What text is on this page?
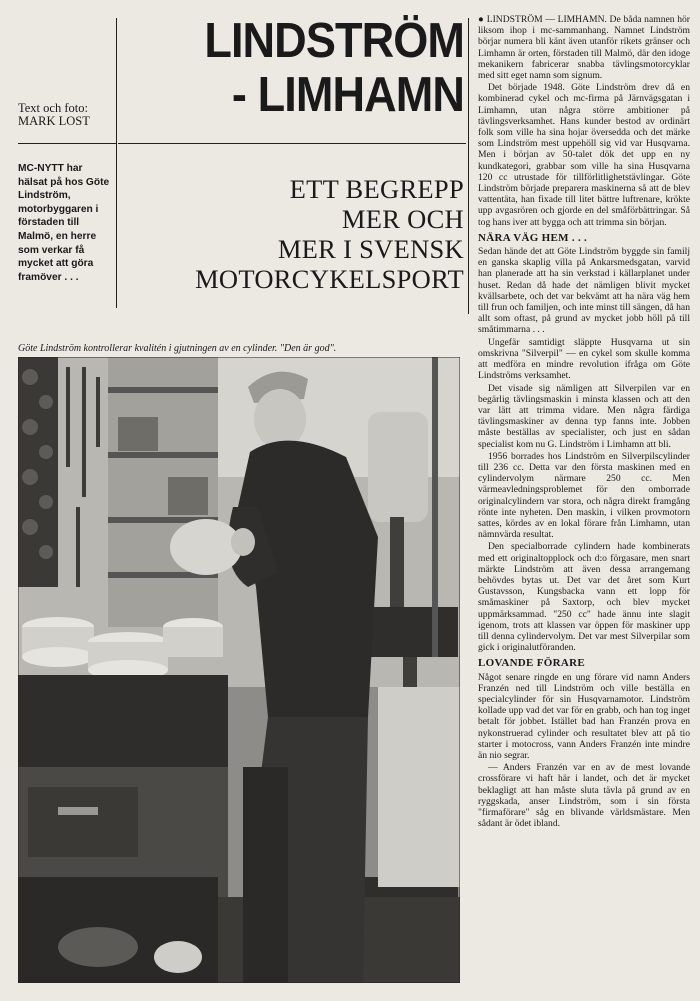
LINDSTRÖM
- LIMHAMN
Text och foto:
MARK LOST
MC-NYTT har hälsat på hos Göte Lindström, motorbyggaren i förstaden till Malmö, en herre som verkar få mycket att göra framöver . . .
ETT BEGREPP
MER OCH
MER I SVENSK
MOTORCYKELSPORT
Göte Lindström kontrollerar kvalitén i gjutningen av en cylinder. "Den är god".

● LINDSTRÖM — LIMHAMN. De båda namnen hör liksom ihop i mc-sammanhang. Namnet Lindström börjar numera bli känt även utanför rikets gränser och Limhamn är orten, förstaden till Malmö, där den idoge mekanikern fabricerar snabba tävlingsmotorcyklar med sitt eget namn som signum.

Det började 1948. Göte Lindström drev då en kombinerad cykel och mc-firma på Järnvägsgatan i Limhamn, utan några större ambitioner på tävlingsverksamhet. Hans kunder bestod av ordinärt folk som ville ha sina hojar översedda och det märke som Lindström mest uppehöll sig vid var Husqvarna. Men i början av 50-talet dök det upp en ny kundkategori, grabbar som ville ha sina Husqvarna 120 cc utrustade för tillförlitlighetstävlingar. Göte Lindström började preparera maskinerna så att de blev vattentäta, han fixade till litet bättre luftrenare, krökte upp avgasrören och gjorde en del småförbättringar. Så tog hans iver att bygga och att trimma sin början.

NÄRA VÄG HEM . . .

Sedan hände det att Göte Lindström byggde sin familj en ganska skaplig villa på Ankarsmedsgatan, varvid han planerade att ha sin verkstad i källarplanet under huset. Redan då hade det nämligen blivit mycket kvällsarbete, och det var bekvämt att ha nära väg hem till frun och familjen, och inte minst till sängen, då han allt som oftast, på grund av mycket jobb höll på till småtimmarna . . .

Ungefär samtidigt släppte Husqvarna ut sin omskrivna "Silverpil" — en cykel som skulle komma att medföra en mindre revolution ifråga om Göte Lindströms verksamhet.

Det visade sig nämligen att Silverpilen var en begärlig tävlingsmaskin i minsta klassen och att den var lätt att trimma vidare. Men några färdiga tävlingsmaskiner av denna typ fanns inte. Jobben måste beställas av specialister, och just en sådan specialist kom nu G. Lindström i Limhamn att bli.

1956 borrades hos Lindström en Silverpilscylinder till 236 cc. Detta var den första maskinen med en cylindervolym närmare 250 cc. Men värmeavledningsproblemet för den omborrade originalcylindern var stora, och några direkt framgång rönte inte nyheten. Den maskin, i vilken provmotorn sattes, kördes av en lokal förare från Limhamn, utan nämnvärda resultat.

Den specialborrade cylindern hade kombinerats med ett originaltopplock och d:o förgasare, men snart märkte Lindström att även dessa arrangemang behövdes bytas ut. Det var det året som Kurt Gustavsson, Kungsbacka vann ett lopp för småmaskiner på Saxtorp, och blev mycket uppmärksammad. "250 cc" hade ännu inte slagit igenom, trots att klassen var öppen för maskiner upp till denna cylindervolym. Det var mest Silverpilar som gick i originalutföranden.

LOVANDE FÖRARE

Något senare ringde en ung förare vid namn Anders Franzén ned till Lindström och ville beställa en specialcylinder för sin Husqvarnamotor. Lindström kollade upp vad det var för en grabb, och han tog inget betalt för jobbet. Istället bad han Franzén prova en nykonstruerad cylinder och resultatet blev att på tio starter i motocross, vann Anders Franzén inte mindre än nio segrar.

— Anders Franzén var en av de mest lovande crossförare vi haft här i landet, och det är mycket beklagligt att han måste sluta tävla på grund av en ryggskada, anser Lindström, som i sin första "firmaförare" såg en blivande världsmästare. Men sådant är ödet ibland.
